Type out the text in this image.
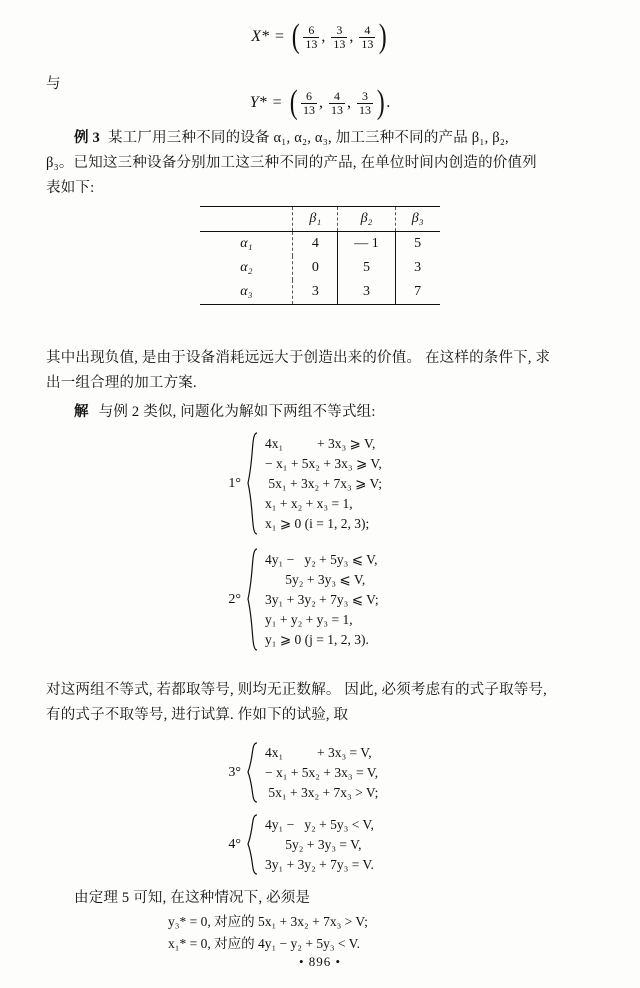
X* = ( $\frac{6}{13}$ , $\frac{3}{13}$ , $\frac{4}{13}$ )
与
Y* = ( $\frac{6}{13}$ , $\frac{4}{13}$ , $\frac{3}{13}$ ) .
例 3 某工厂用三种不同的设备 α₁, α₂, α₃, 加工三种不同的产品 β₁, β₂,
β₃。已知这三种设备分别加工这三种不同的产品, 在单位时间内创造的价值列
表如下:
	β₁	β₂	β₃
α₁	4	— 1	5
α₂	0	5	3
α₃	3	3	7
其中出现负值, 是由于设备消耗远远大于创造出来的价值。 在这样的条件下, 求
出一组合理的加工方案.
解 与例 2 类似, 问题化为解如下两组不等式组:
1°
4x₁          + 3x₃ ⩾ V,
− x₁ + 5x₂ + 3x₃ ⩾ V,
5x₁ + 3x₂ + 7x₃ ⩾ V;
x₁ + x₂ + x₃ = 1,
x₁ ⩾ 0 (i = 1, 2, 3);
2°
4y₁ −   y₂ + 5y₃ ⩽ V,
5y₂ + 3y₃ ⩽ V,
3y₁ + 3y₂ + 7y₃ ⩽ V;
y₁ + y₂ + y₃ = 1,
y₁ ⩾ 0 (j = 1, 2, 3).
对这两组不等式, 若都取等号, 则均无正数解。 因此, 必须考虑有的式子取等号,
有的式子不取等号, 进行试算. 作如下的试验, 取
3°
4x₁          + 3x₃ = V,
− x₁ + 5x₂ + 3x₃ = V,
5x₁ + 3x₂ + 7x₃ > V;
4°
4y₁ −   y₂ + 5y₃ < V,
5y₂ + 3y₃ = V,
3y₁ + 3y₂ + 7y₃ = V.
由定理 5 可知, 在这种情况下, 必须是
y₃* = 0, 对应的 5x₁ + 3x₂ + 7x₃ > V;
x₁* = 0, 对应的 4y₁ − y₂ + 5y₃ < V.
• 896 •
